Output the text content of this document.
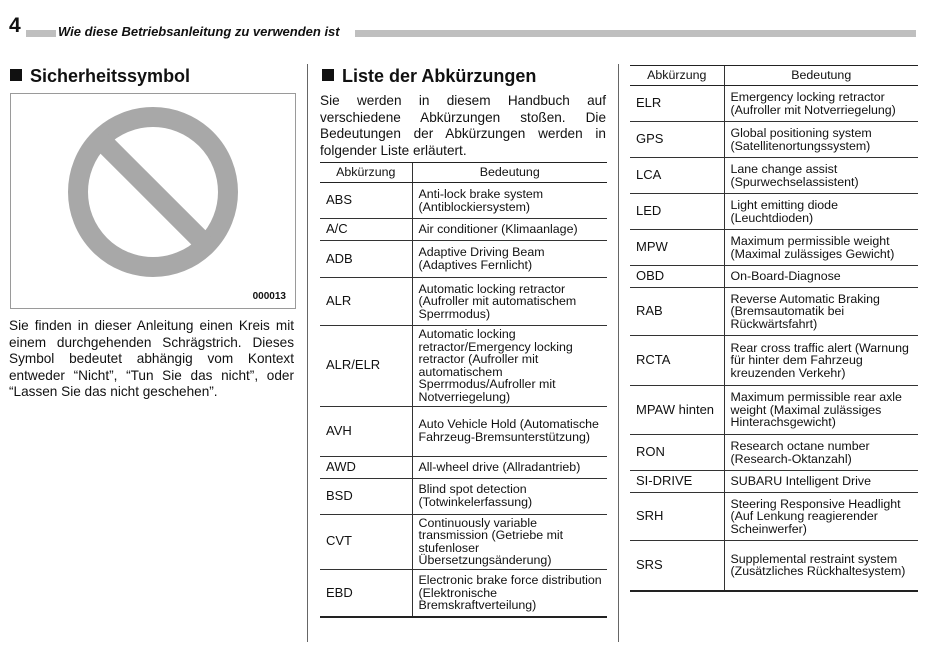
4	Wie diese Betriebsanleitung zu verwenden ist
Sicherheitssymbol
000013
Sie finden in dieser Anleitung einen Kreis mit einem durchgehenden Schrägstrich. Dieses Symbol bedeutet abhängig vom Kontext entweder “Nicht”, “Tun Sie das nicht”, oder “Lassen Sie das nicht geschehen”.
Liste der Abkürzungen
Sie werden in diesem Handbuch auf verschiedene Abkürzungen stoßen. Die Bedeutungen der Abkürzungen werden in folgender Liste erläutert.
Abkürzung	Bedeutung
ABS	Anti-lock brake system (Antiblockiersystem)
A/C	Air conditioner (Klimaanlage)
ADB	Adaptive Driving Beam (Adaptives Fernlicht)
ALR	Automatic locking retractor (Aufroller mit automatischem Sperrmodus)
ALR/ELR	Automatic locking retractor/Emergency locking retractor (Aufroller mit automatischem Sperrmodus/Aufroller mit Notverriegelung)
AVH	Auto Vehicle Hold (Automatische Fahrzeug-Bremsunterstützung)
AWD	All-wheel drive (Allradantrieb)
BSD	Blind spot detection (Totwinkelerfassung)
CVT	Continuously variable transmission (Getriebe mit stufenloser Übersetzungsänderung)
EBD	Electronic brake force distribution (Elektronische Bremskraftverteilung)
Abkürzung	Bedeutung
ELR	Emergency locking retractor (Aufroller mit Notverriegelung)
GPS	Global positioning system (Satellitenortungssystem)
LCA	Lane change assist (Spurwechselassistent)
LED	Light emitting diode (Leuchtdioden)
MPW	Maximum permissible weight (Maximal zulässiges Gewicht)
OBD	On-Board-Diagnose
RAB	Reverse Automatic Braking (Bremsautomatik bei Rückwärtsfahrt)
RCTA	Rear cross traffic alert (Warnung für hinter dem Fahrzeug kreuzenden Verkehr)
MPAW hinten	Maximum permissible rear axle weight (Maximal zulässiges Hinterachsgewicht)
RON	Research octane number (Research-Oktanzahl)
SI-DRIVE	SUBARU Intelligent Drive
SRH	Steering Responsive Headlight (Auf Lenkung reagierender Scheinwerfer)
SRS	Supplemental restraint system (Zusätzliches Rückhaltesystem)
